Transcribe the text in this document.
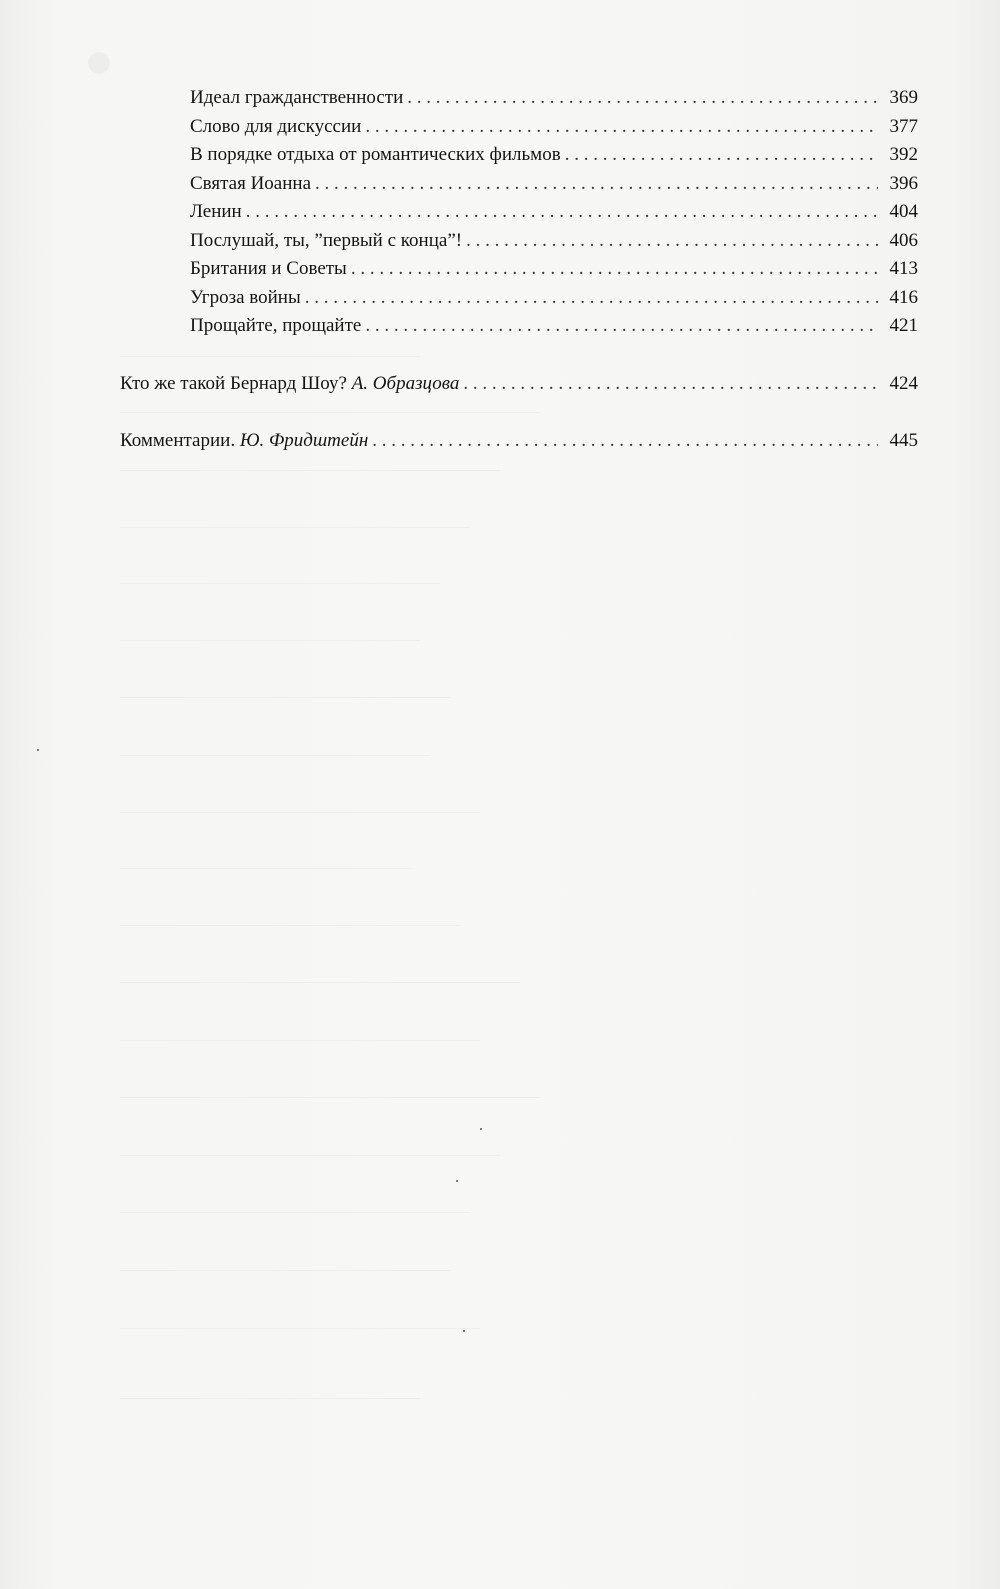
Идеал гражданственности . . .	369
Слово для дискуссии . . .	377
В порядке отдыха от романтических фильмов . . .	392
Святая Иоанна . . .	396
Ленин . . .	404
Послушай, ты, ”первый с конца”! . . .	406
Британия и Советы . . .	413
Угроза войны . . .	416
Прощайте, прощайте . . .	421
Кто же такой Бернард Шоу? А. Образцова . . .	424
Комментарии. Ю. Фридштейн . . .	445
